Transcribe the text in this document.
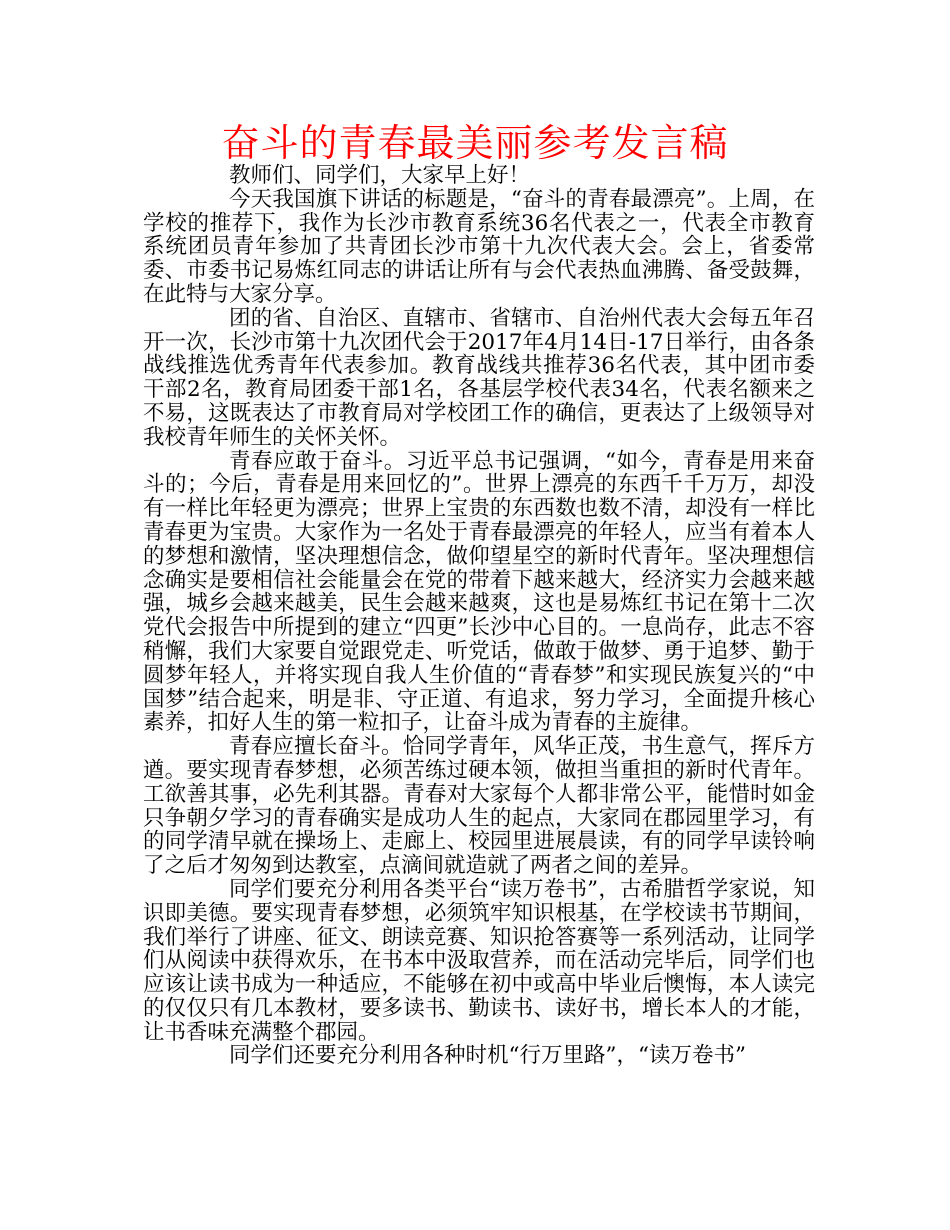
奋斗的青春最美丽参考发言稿

教师们、同学们，大家早上好！

今天我国旗下讲话的标题是，“奋斗的青春最漂亮”。上周，在学校的推荐下，我作为长沙市教育系统36名代表之一，代表全市教育系统团员青年参加了共青团长沙市第十九次代表大会。会上，省委常委、市委书记易炼红同志的讲话让所有与会代表热血沸腾、备受鼓舞，在此特与大家分享。

团的省、自治区、直辖市、省辖市、自治州代表大会每五年召开一次，长沙市第十九次团代会于2017年4月14日-17日举行，由各条战线推选优秀青年代表参加。教育战线共推荐36名代表，其中团市委干部2名，教育局团委干部1名，各基层学校代表34名，代表名额来之不易，这既表达了市教育局对学校团工作的确信，更表达了上级领导对我校青年师生的关怀关怀。

青春应敢于奋斗。习近平总书记强调，“如今，青春是用来奋斗的；今后，青春是用来回忆的”。世界上漂亮的东西千千万万，却没有一样比年轻更为漂亮；世界上宝贵的东西数也数不清，却没有一样比青春更为宝贵。大家作为一名处于青春最漂亮的年轻人，应当有着本人的梦想和激情，坚决理想信念，做仰望星空的新时代青年。坚决理想信念确实是要相信社会能量会在党的带着下越来越大，经济实力会越来越强，城乡会越来越美，民生会越来越爽，这也是易炼红书记在第十二次党代会报告中所提到的建立“四更”长沙中心目的。一息尚存，此志不容稍懈，我们大家要自觉跟党走、听党话，做敢于做梦、勇于追梦、勤于圆梦年轻人，并将实现自我人生价值的“青春梦”和实现民族复兴的“中国梦”结合起来，明是非、守正道、有追求，努力学习，全面提升核心素养，扣好人生的第一粒扣子，让奋斗成为青春的主旋律。

青春应擅长奋斗。恰同学青年，风华正茂，书生意气，挥斥方遒。要实现青春梦想，必须苦练过硬本领，做担当重担的新时代青年。工欲善其事，必先利其器。青春对大家每个人都非常公平，能惜时如金只争朝夕学习的青春确实是成功人生的起点，大家同在郡园里学习，有的同学清早就在操场上、走廊上、校园里进展晨读，有的同学早读铃响了之后才匆匆到达教室，点滴间就造就了两者之间的差异。

同学们要充分利用各类平台“读万卷书”，古希腊哲学家说，知识即美德。要实现青春梦想，必须筑牢知识根基，在学校读书节期间，我们举行了讲座、征文、朗读竞赛、知识抢答赛等一系列活动，让同学们从阅读中获得欢乐，在书本中汲取营养，而在活动完毕后，同学们也应该让读书成为一种适应，不能够在初中或高中毕业后懊悔，本人读完的仅仅只有几本教材，要多读书、勤读书、读好书，增长本人的才能，让书香味充满整个郡园。

同学们还要充分利用各种时机“行万里路”，“读万卷书”
